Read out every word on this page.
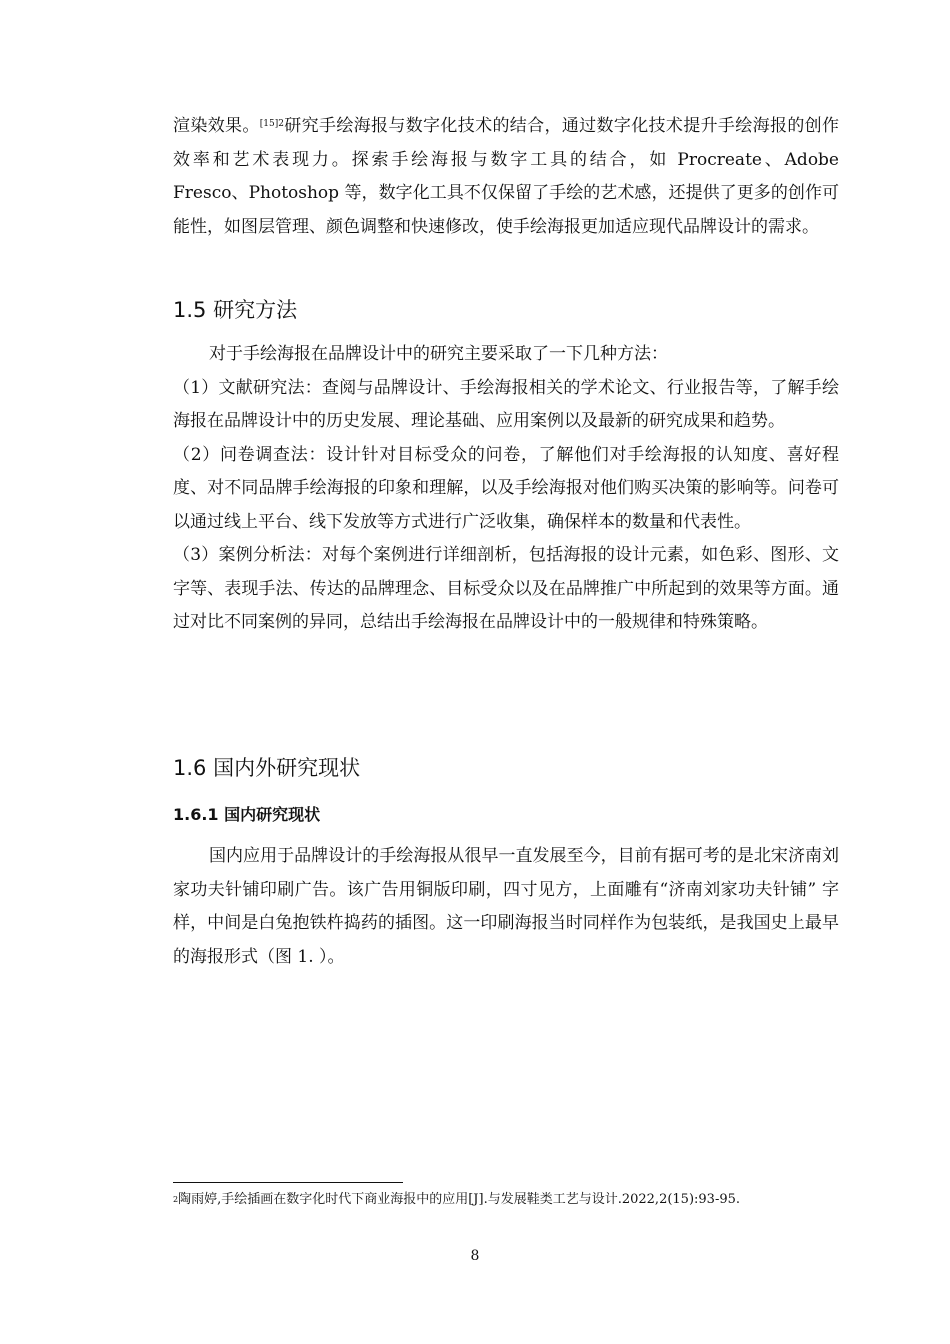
渲染效果。$^{[15]2}$研究手绘海报与数字化技术的结合，通过数字化技术提升手绘海报的创作效率和艺术表现力。探索手绘海报与数字工具的结合，如 Procreate、Adobe Fresco、Photoshop 等，数字化工具不仅保留了手绘的艺术感，还提供了更多的创作可能性，如图层管理、颜色调整和快速修改，使手绘海报更加适应现代品牌设计的需求。

1.5 研究方法

对于手绘海报在品牌设计中的研究主要采取了一下几种方法：

（1）文献研究法：查阅与品牌设计、手绘海报相关的学术论文、行业报告等，了解手绘海报在品牌设计中的历史发展、理论基础、应用案例以及最新的研究成果和趋势。

（2）问卷调查法：设计针对目标受众的问卷，了解他们对手绘海报的认知度、喜好程度、对不同品牌手绘海报的印象和理解，以及手绘海报对他们购买决策的影响等。问卷可以通过线上平台、线下发放等方式进行广泛收集，确保样本的数量和代表性。

（3）案例分析法：对每个案例进行详细剖析，包括海报的设计元素，如色彩、图形、文字等、表现手法、传达的品牌理念、目标受众以及在品牌推广中所起到的效果等方面。通过对比不同案例的异同，总结出手绘海报在品牌设计中的一般规律和特殊策略。

1.6 国内外研究现状
1.6.1 国内研究现状

国内应用于品牌设计的手绘海报从很早一直发展至今，目前有据可考的是北宋济南刘家功夫针铺印刷广告。该广告用铜版印刷，四寸见方，上面雕有“济南刘家功夫针铺” 字样，中间是白兔抱铁杵捣药的插图。这一印刷海报当时同样作为包装纸，是我国史上最早的海报形式（图 1. ）。

$^2$陶雨婷,手绘插画在数字化时代下商业海报中的应用[J].与发展鞋类工艺与设计.2022,2(15):93-95.
8
